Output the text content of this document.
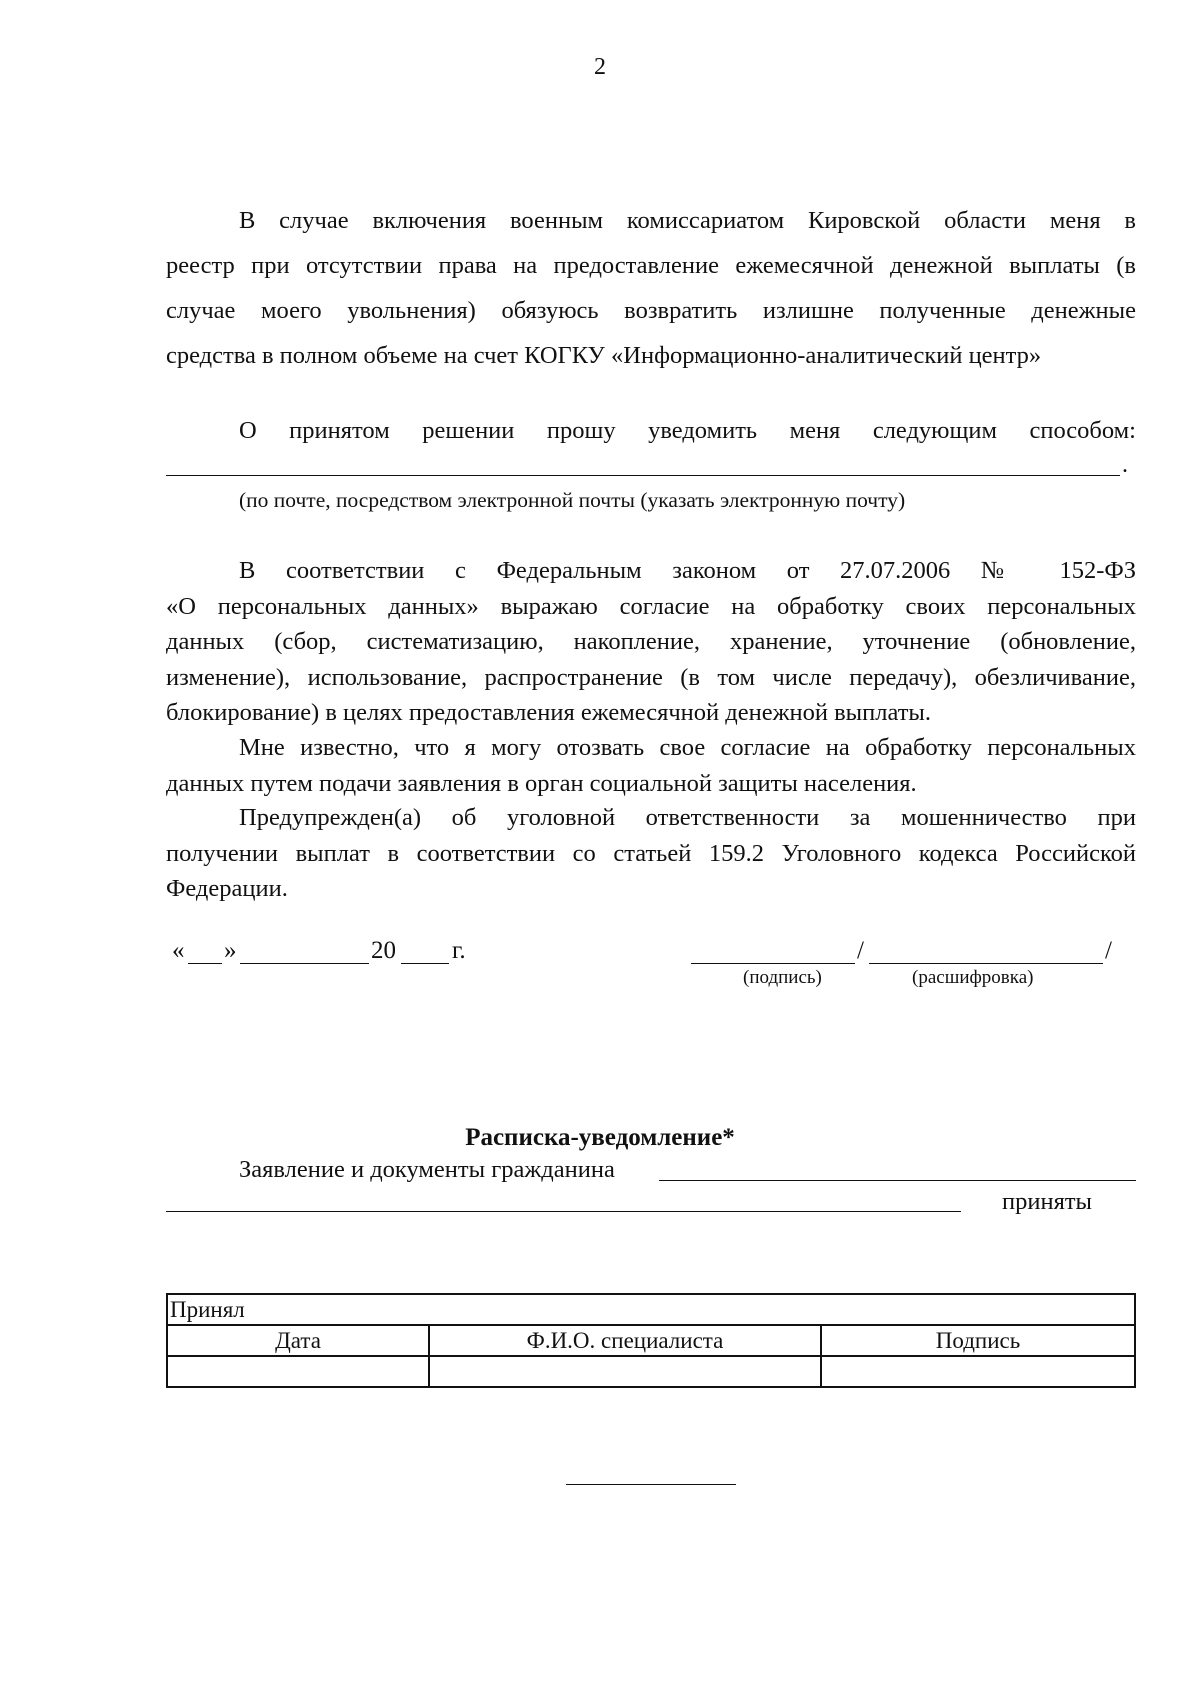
2
В случае включения военным комиссариатом Кировской области меня в
реестр при отсутствии права на предоставление ежемесячной денежной выплаты (в
случае моего увольнения) обязуюсь возвратить излишне полученные денежные
средства в полном объеме на счет КОГКУ «Информационно-аналитический центр»
О принятом решении прошу уведомить меня следующим способом:
.
(по почте, посредством электронной почты (указать электронную почту)
В соответствии с Федеральным законом от 27.07.2006 № 152-ФЗ
«О персональных данных» выражаю согласие на обработку своих персональных
данных (сбор, систематизацию, накопление, хранение, уточнение (обновление,
изменение), использование, распространение (в том числе передачу), обезличивание,
блокирование) в целях предоставления ежемесячной денежной выплаты.
Мне известно, что я могу отозвать свое согласие на обработку персональных
данных путем подачи заявления в орган социальной защиты населения.
Предупрежден(а) об уголовной ответственности за мошенничество при
получении выплат в соответствии со статьей 159.2 Уголовного кодекса Российской
Федерации.
« »	20 г.	/	/
(подпись)	(расшифровка)
Расписка-уведомление*
Заявление и документы гражданина
приняты
Принял		
Дата	Ф.И.О. специалиста	Подпись
